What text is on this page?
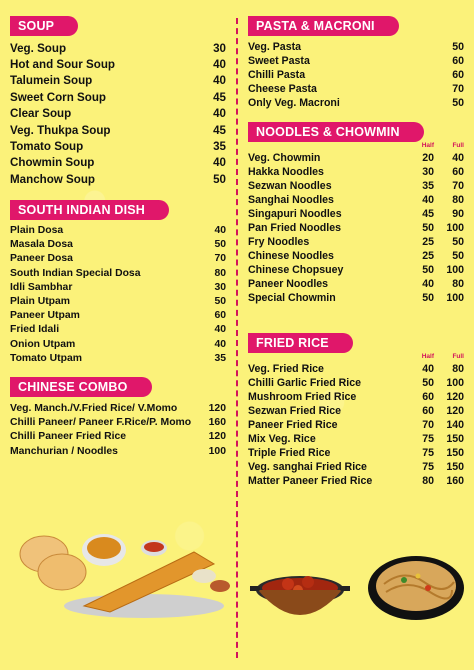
SOUP
Veg. Soup	30
Hot and Sour Soup	40
Talumein Soup	40
Sweet Corn Soup	45
Clear Soup	40
Veg. Thukpa Soup	45
Tomato Soup	35
Chowmin Soup	40
Manchow Soup	50
SOUTH INDIAN DISH
Plain Dosa	40
Masala Dosa	50
Paneer Dosa	70
South Indian Special Dosa	80
Idli Sambhar	30
Plain Utpam	50
Paneer Utpam	60
Fried Idali	40
Onion Utpam	40
Tomato Utpam	35
CHINESE COMBO
Veg. Manch./V.Fried Rice/ V.Momo	120
Chilli Paneer/ Paneer F.Rice/P. Momo	160
Chilli Paneer Fried Rice	120
Manchurian / Noodles	100
PASTA & MACRONI
Veg. Pasta	50
Sweet Pasta	60
Chilli Pasta	60
Cheese Pasta	70
Only Veg. Macroni	50
NOODLES & CHOWMIN
Half	Full
Veg. Chowmin	20	40
Hakka Noodles	30	60
Sezwan Noodles	35	70
Sanghai Noodles	40	80
Singapuri Noodles	45	90
Pan Fried Noodles	50	100
Fry Noodles	25	50
Chinese Noodles	25	50
Chinese Chopsuey	50	100
Paneer Noodles	40	80
Special Chowmin	50	100
FRIED RICE
Half	Full
Veg. Fried Rice	40	80
Chilli Garlic Fried Rice	50	100
Mushroom Fried Rice	60	120
Sezwan Fried Rice	60	120
Paneer Fried Rice	70	140
Mix Veg. Rice	75	150
Triple Fried Rice	75	150
Veg. sanghai Fried Rice	75	150
Matter Paneer Fried Rice	80	160
